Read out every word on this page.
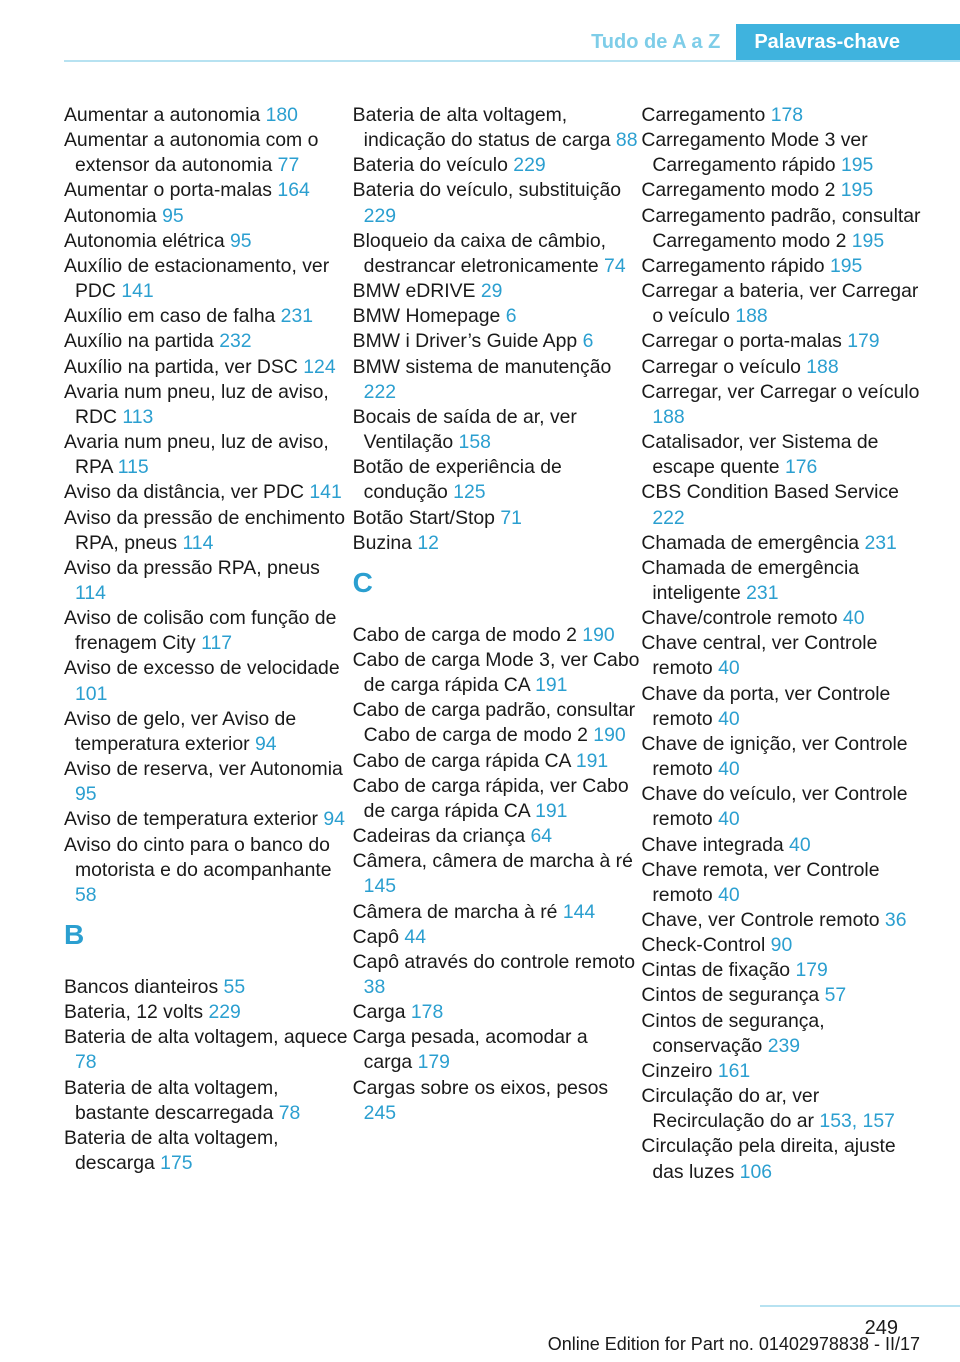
Tudo de A a Z	Palavras-chave
Aumentar a autonomia 180
Aumentar a autonomia com o extensor da autonomia 77
Aumentar o porta-malas 164
Autonomia 95
Autonomia elétrica 95
Auxílio de estacionamento, ver PDC 141
Auxílio em caso de falha 231
Auxílio na partida 232
Auxílio na partida, ver DSC 124
Avaria num pneu, luz de aviso, RDC 113
Avaria num pneu, luz de aviso, RPA 115
Aviso da distância, ver PDC 141
Aviso da pressão de enchimento RPA, pneus 114
Aviso da pressão RPA, pneus 114
Aviso de colisão com função de frenagem City 117
Aviso de excesso de velocidade 101
Aviso de gelo, ver Aviso de temperatura exterior 94
Aviso de reserva, ver Autonomia 95
Aviso de temperatura exterior 94
Aviso do cinto para o banco do motorista e do acompanhante 58
B
Bancos dianteiros 55
Bateria, 12 volts 229
Bateria de alta voltagem, aquece 78
Bateria de alta voltagem, bastante descarregada 78
Bateria de alta voltagem, descarga 175
Bateria de alta voltagem, indicação do status de carga 88
Bateria do veículo 229
Bateria do veículo, substituição 229
Bloqueio da caixa de câmbio, destrancar eletronicamente 74
BMW eDRIVE 29
BMW Homepage 6
BMW i Driver’s Guide App 6
BMW sistema de manutenção 222
Bocais de saída de ar, ver Ventilação 158
Botão de experiência de condução 125
Botão Start/Stop 71
Buzina 12
C
Cabo de carga de modo 2 190
Cabo de carga Mode 3, ver Cabo de carga rápida CA 191
Cabo de carga padrão, consultar Cabo de carga de modo 2 190
Cabo de carga rápida CA 191
Cabo de carga rápida, ver Cabo de carga rápida CA 191
Cadeiras da criança 64
Câmera, câmera de marcha à ré 145
Câmera de marcha à ré 144
Capô 44
Capô através do controle remoto 38
Carga 178
Carga pesada, acomodar a carga 179
Cargas sobre os eixos, pesos 245
Carregamento 178
Carregamento Mode 3 ver Carregamento rápido 195
Carregamento modo 2 195
Carregamento padrão, consultar Carregamento modo 2 195
Carregamento rápido 195
Carregar a bateria, ver Carregar o veículo 188
Carregar o porta-malas 179
Carregar o veículo 188
Carregar, ver Carregar o veículo 188
Catalisador, ver Sistema de escape quente 176
CBS Condition Based Service 222
Chamada de emergência 231
Chamada de emergência inteligente 231
Chave/controle remoto 40
Chave central, ver Controle remoto 40
Chave da porta, ver Controle remoto 40
Chave de ignição, ver Controle remoto 40
Chave do veículo, ver Controle remoto 40
Chave integrada 40
Chave remota, ver Controle remoto 40
Chave, ver Controle remoto 36
Check-Control 90
Cintas de fixação 179
Cintos de segurança 57
Cintos de segurança, conservação 239
Cinzeiro 161
Circulação do ar, ver Recirculação do ar 153, 157
Circulação pela direita, ajuste das luzes 106
249
Online Edition for Part no. 01402978838 - II/17
